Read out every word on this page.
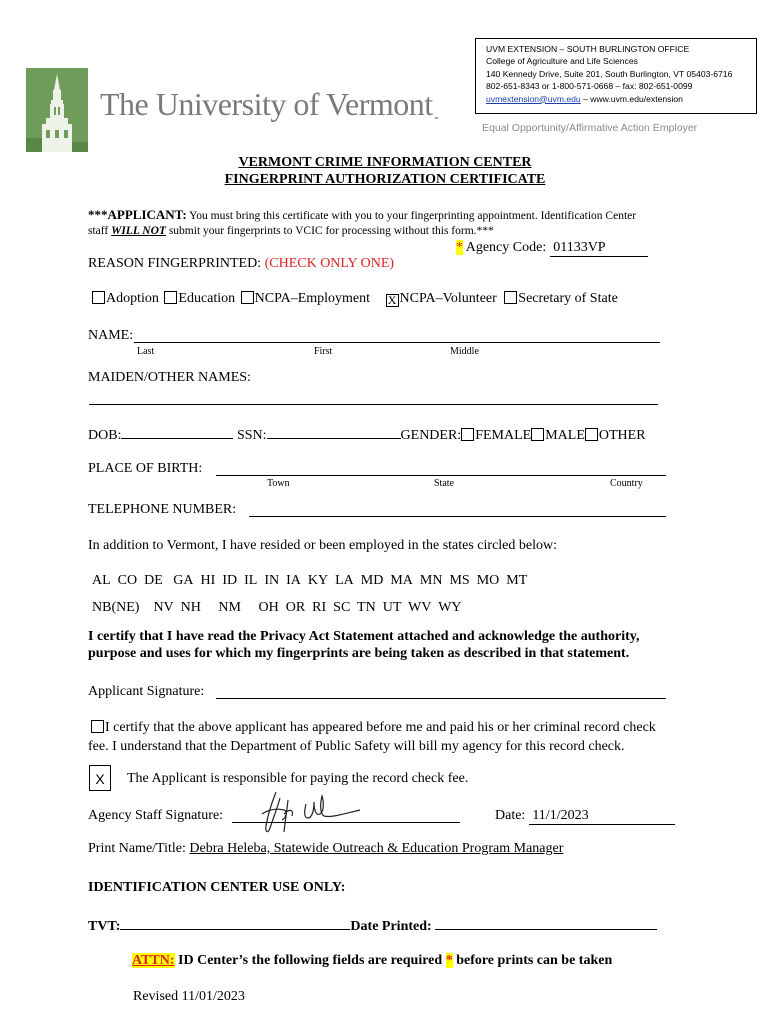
The University of Vermont -
UVM EXTENSION – SOUTH BURLINGTON OFFICE
College of Agriculture and Life Sciences
140 Kennedy Drive, Suite 201, South Burlington, VT 05403-6716
802-651-8343 or 1-800-571-0668 – fax: 802-651-0099
uvmextension@uvm.edu – www.uvm.edu/extension
Equal Opportunity/Affirmative Action Employer
VERMONT CRIME INFORMATION CENTER
FINGERPRINT AUTHORIZATION CERTIFICATE
***APPLICANT: You must bring this certificate with you to your fingerprinting appointment. Identification Center
staff WILL NOT submit your fingerprints to VCIC for processing without this form.***
* Agency Code:  01133VP
REASON FINGERPRINTED: (CHECK ONLY ONE)
Adoption Education NCPA–Employment X NCPA–Volunteer Secretary of State
NAME:
Last	First	Middle
MAIDEN/OTHER NAMES:
DOB:	SSN:	GENDER: FEMALE MALE OTHER
PLACE OF BIRTH:
Town	State	Country
TELEPHONE NUMBER:
In addition to Vermont, I have resided or been employed in the states circled below:
AL CO DE GA HI ID IL IN IA KY LA MD MA MN MS MO MT
NB(NE) NV NH NM OH OR RI SC TN UT WV WY
I certify that I have read the Privacy Act Statement attached and acknowledge the authority,
purpose and uses for which my fingerprints are being taken as described in that statement.
Applicant Signature:
I certify that the above applicant has appeared before me and paid his or her criminal record check
fee. I understand that the Department of Public Safety will bill my agency for this record check.
X	The Applicant is responsible for paying the record check fee.
Agency Staff Signature:	Date:  11/1/2023
Print Name/Title: Debra Heleba, Statewide Outreach & Education Program Manager
IDENTIFICATION CENTER USE ONLY:
TVT:	Date Printed:
ATTN: ID Center’s the following fields are required * before prints can be taken
Revised 11/01/2023
